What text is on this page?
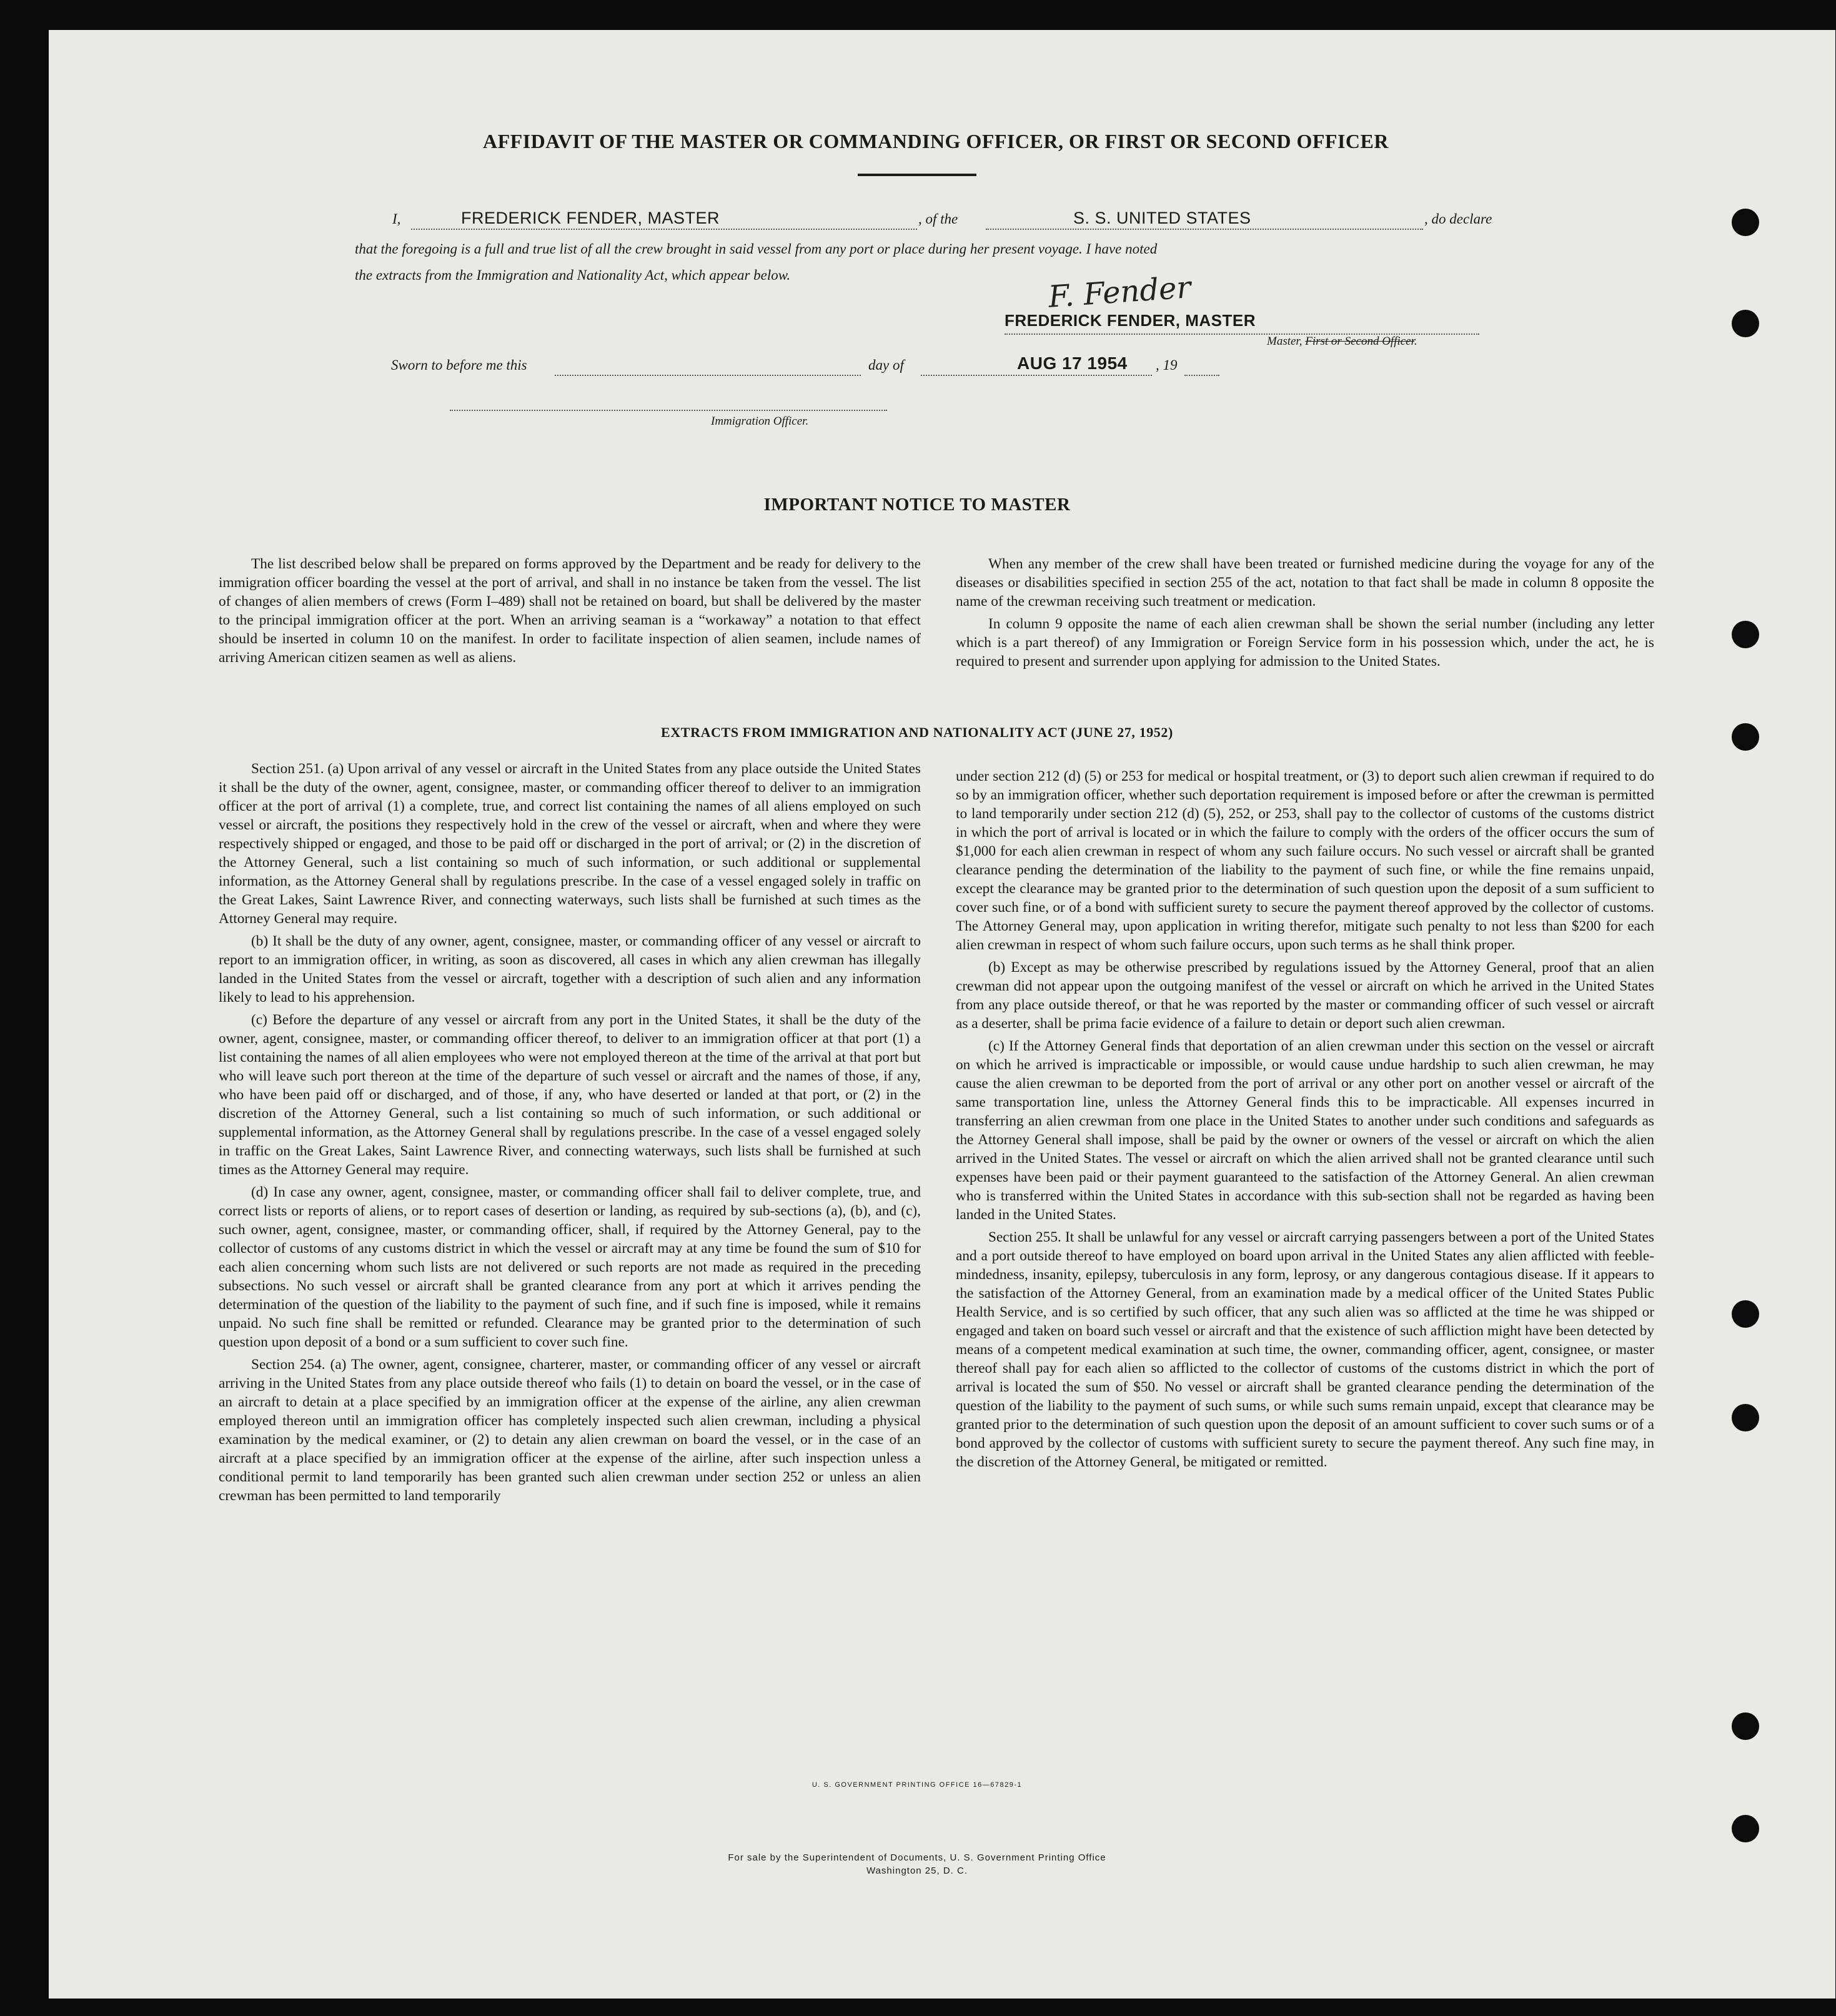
AFFIDAVIT OF THE MASTER OR COMMANDING OFFICER, OR FIRST OR SECOND OFFICER
I,	FREDERICK FENDER, MASTER	, of the	S. S. UNITED STATES	, do declare
that the foregoing is a full and true list of all the crew brought in said vessel from any port or place during her present voyage. I have noted
the extracts from the Immigration and Nationality Act, which appear below.	F. Fender
FREDERICK FENDER, MASTER
Master, First or Second Officer.
Sworn to before me this	day of	AUG 17 1954 , 19
Immigration Officer.
IMPORTANT NOTICE TO MASTER

The list described below shall be prepared on forms approved by the Department and be ready for delivery to the immigration officer boarding the vessel at the port of arrival, and shall in no instance be taken from the vessel. The list of changes of alien members of crews (Form I–489) shall not be retained on board, but shall be delivered by the master to the principal immigration officer at the port. When an arriving seaman is a “workaway” a notation to that effect should be inserted in column 10 on the manifest. In order to facilitate inspection of alien seamen, include names of arriving American citizen seamen as well as aliens.

When any member of the crew shall have been treated or furnished medicine during the voyage for any of the diseases or disabilities specified in section 255 of the act, notation to that fact shall be made in column 8 opposite the name of the crewman receiving such treatment or medication.

In column 9 opposite the name of each alien crewman shall be shown the serial number (including any letter which is a part thereof) of any Immigration or Foreign Service form in his possession which, under the act, he is required to present and surrender upon applying for admission to the United States.

EXTRACTS FROM IMMIGRATION AND NATIONALITY ACT (JUNE 27, 1952)

Section 251. (a) Upon arrival of any vessel or aircraft in the United States from any place outside the United States it shall be the duty of the owner, agent, consignee, master, or commanding officer thereof to deliver to an immigration officer at the port of arrival (1) a complete, true, and correct list containing the names of all aliens employed on such vessel or aircraft, the positions they respectively hold in the crew of the vessel or aircraft, when and where they were respectively shipped or engaged, and those to be paid off or discharged in the port of arrival; or (2) in the discretion of the Attorney General, such a list containing so much of such information, or such additional or supplemental information, as the Attorney General shall by regulations prescribe. In the case of a vessel engaged solely in traffic on the Great Lakes, Saint Lawrence River, and connecting waterways, such lists shall be furnished at such times as the Attorney General may require.

(b) It shall be the duty of any owner, agent, consignee, master, or commanding officer of any vessel or aircraft to report to an immigration officer, in writing, as soon as discovered, all cases in which any alien crewman has illegally landed in the United States from the vessel or aircraft, together with a description of such alien and any information likely to lead to his apprehension.

(c) Before the departure of any vessel or aircraft from any port in the United States, it shall be the duty of the owner, agent, consignee, master, or commanding officer thereof, to deliver to an immigration officer at that port (1) a list containing the names of all alien employees who were not employed thereon at the time of the arrival at that port but who will leave such port thereon at the time of the departure of such vessel or aircraft and the names of those, if any, who have been paid off or discharged, and of those, if any, who have deserted or landed at that port, or (2) in the discretion of the Attorney General, such a list containing so much of such information, or such additional or supplemental information, as the Attorney General shall by regulations prescribe. In the case of a vessel engaged solely in traffic on the Great Lakes, Saint Lawrence River, and connecting waterways, such lists shall be furnished at such times as the Attorney General may require.

(d) In case any owner, agent, consignee, master, or commanding officer shall fail to deliver complete, true, and correct lists or reports of aliens, or to report cases of desertion or landing, as required by sub-sections (a), (b), and (c), such owner, agent, consignee, master, or commanding officer, shall, if required by the Attorney General, pay to the collector of customs of any customs district in which the vessel or aircraft may at any time be found the sum of $10 for each alien concerning whom such lists are not delivered or such reports are not made as required in the preceding subsections. No such vessel or aircraft shall be granted clearance from any port at which it arrives pending the determination of the question of the liability to the payment of such fine, and if such fine is imposed, while it remains unpaid. No such fine shall be remitted or refunded. Clearance may be granted prior to the determination of such question upon deposit of a bond or a sum sufficient to cover such fine.

Section 254. (a) The owner, agent, consignee, charterer, master, or commanding officer of any vessel or aircraft arriving in the United States from any place outside thereof who fails (1) to detain on board the vessel, or in the case of an aircraft to detain at a place specified by an immigration officer at the expense of the airline, any alien crewman employed thereon until an immigration officer has completely inspected such alien crewman, including a physical examination by the medical examiner, or (2) to detain any alien crewman on board the vessel, or in the case of an aircraft at a place specified by an immigration officer at the expense of the airline, after such inspection unless a conditional permit to land temporarily has been granted such alien crewman under section 252 or unless an alien crewman has been permitted to land temporarily

under section 212 (d) (5) or 253 for medical or hospital treatment, or (3) to deport such alien crewman if required to do so by an immigration officer, whether such deportation requirement is imposed before or after the crewman is permitted to land temporarily under section 212 (d) (5), 252, or 253, shall pay to the collector of customs of the customs district in which the port of arrival is located or in which the failure to comply with the orders of the officer occurs the sum of $1,000 for each alien crewman in respect of whom any such failure occurs. No such vessel or aircraft shall be granted clearance pending the determination of the liability to the payment of such fine, or while the fine remains unpaid, except the clearance may be granted prior to the determination of such question upon the deposit of a sum sufficient to cover such fine, or of a bond with sufficient surety to secure the payment thereof approved by the collector of customs. The Attorney General may, upon application in writing therefor, mitigate such penalty to not less than $200 for each alien crewman in respect of whom such failure occurs, upon such terms as he shall think proper.

(b) Except as may be otherwise prescribed by regulations issued by the Attorney General, proof that an alien crewman did not appear upon the outgoing manifest of the vessel or aircraft on which he arrived in the United States from any place outside thereof, or that he was reported by the master or commanding officer of such vessel or aircraft as a deserter, shall be prima facie evidence of a failure to detain or deport such alien crewman.

(c) If the Attorney General finds that deportation of an alien crewman under this section on the vessel or aircraft on which he arrived is impracticable or impossible, or would cause undue hardship to such alien crewman, he may cause the alien crewman to be deported from the port of arrival or any other port on another vessel or aircraft of the same transportation line, unless the Attorney General finds this to be impracticable. All expenses incurred in transferring an alien crewman from one place in the United States to another under such conditions and safeguards as the Attorney General shall impose, shall be paid by the owner or owners of the vessel or aircraft on which the alien arrived in the United States. The vessel or aircraft on which the alien arrived shall not be granted clearance until such expenses have been paid or their payment guaranteed to the satisfaction of the Attorney General. An alien crewman who is transferred within the United States in accordance with this sub-section shall not be regarded as having been landed in the United States.

Section 255. It shall be unlawful for any vessel or aircraft carrying passengers between a port of the United States and a port outside thereof to have employed on board upon arrival in the United States any alien afflicted with feeble-mindedness, insanity, epilepsy, tuberculosis in any form, leprosy, or any dangerous contagious disease. If it appears to the satisfaction of the Attorney General, from an examination made by a medical officer of the United States Public Health Service, and is so certified by such officer, that any such alien was so afflicted at the time he was shipped or engaged and taken on board such vessel or aircraft and that the existence of such affliction might have been detected by means of a competent medical examination at such time, the owner, commanding officer, agent, consignee, or master thereof shall pay for each alien so afflicted to the collector of customs of the customs district in which the port of arrival is located the sum of $50. No vessel or aircraft shall be granted clearance pending the determination of the question of the liability to the payment of such sums, or while such sums remain unpaid, except that clearance may be granted prior to the determination of such question upon the deposit of an amount sufficient to cover such sums or of a bond approved by the collector of customs with sufficient surety to secure the payment thereof. Any such fine may, in the discretion of the Attorney General, be mitigated or remitted.

U. S. GOVERNMENT PRINTING OFFICE 16—67829-1
For sale by the Superintendent of Documents, U. S. Government Printing Office
Washington 25, D. C.
